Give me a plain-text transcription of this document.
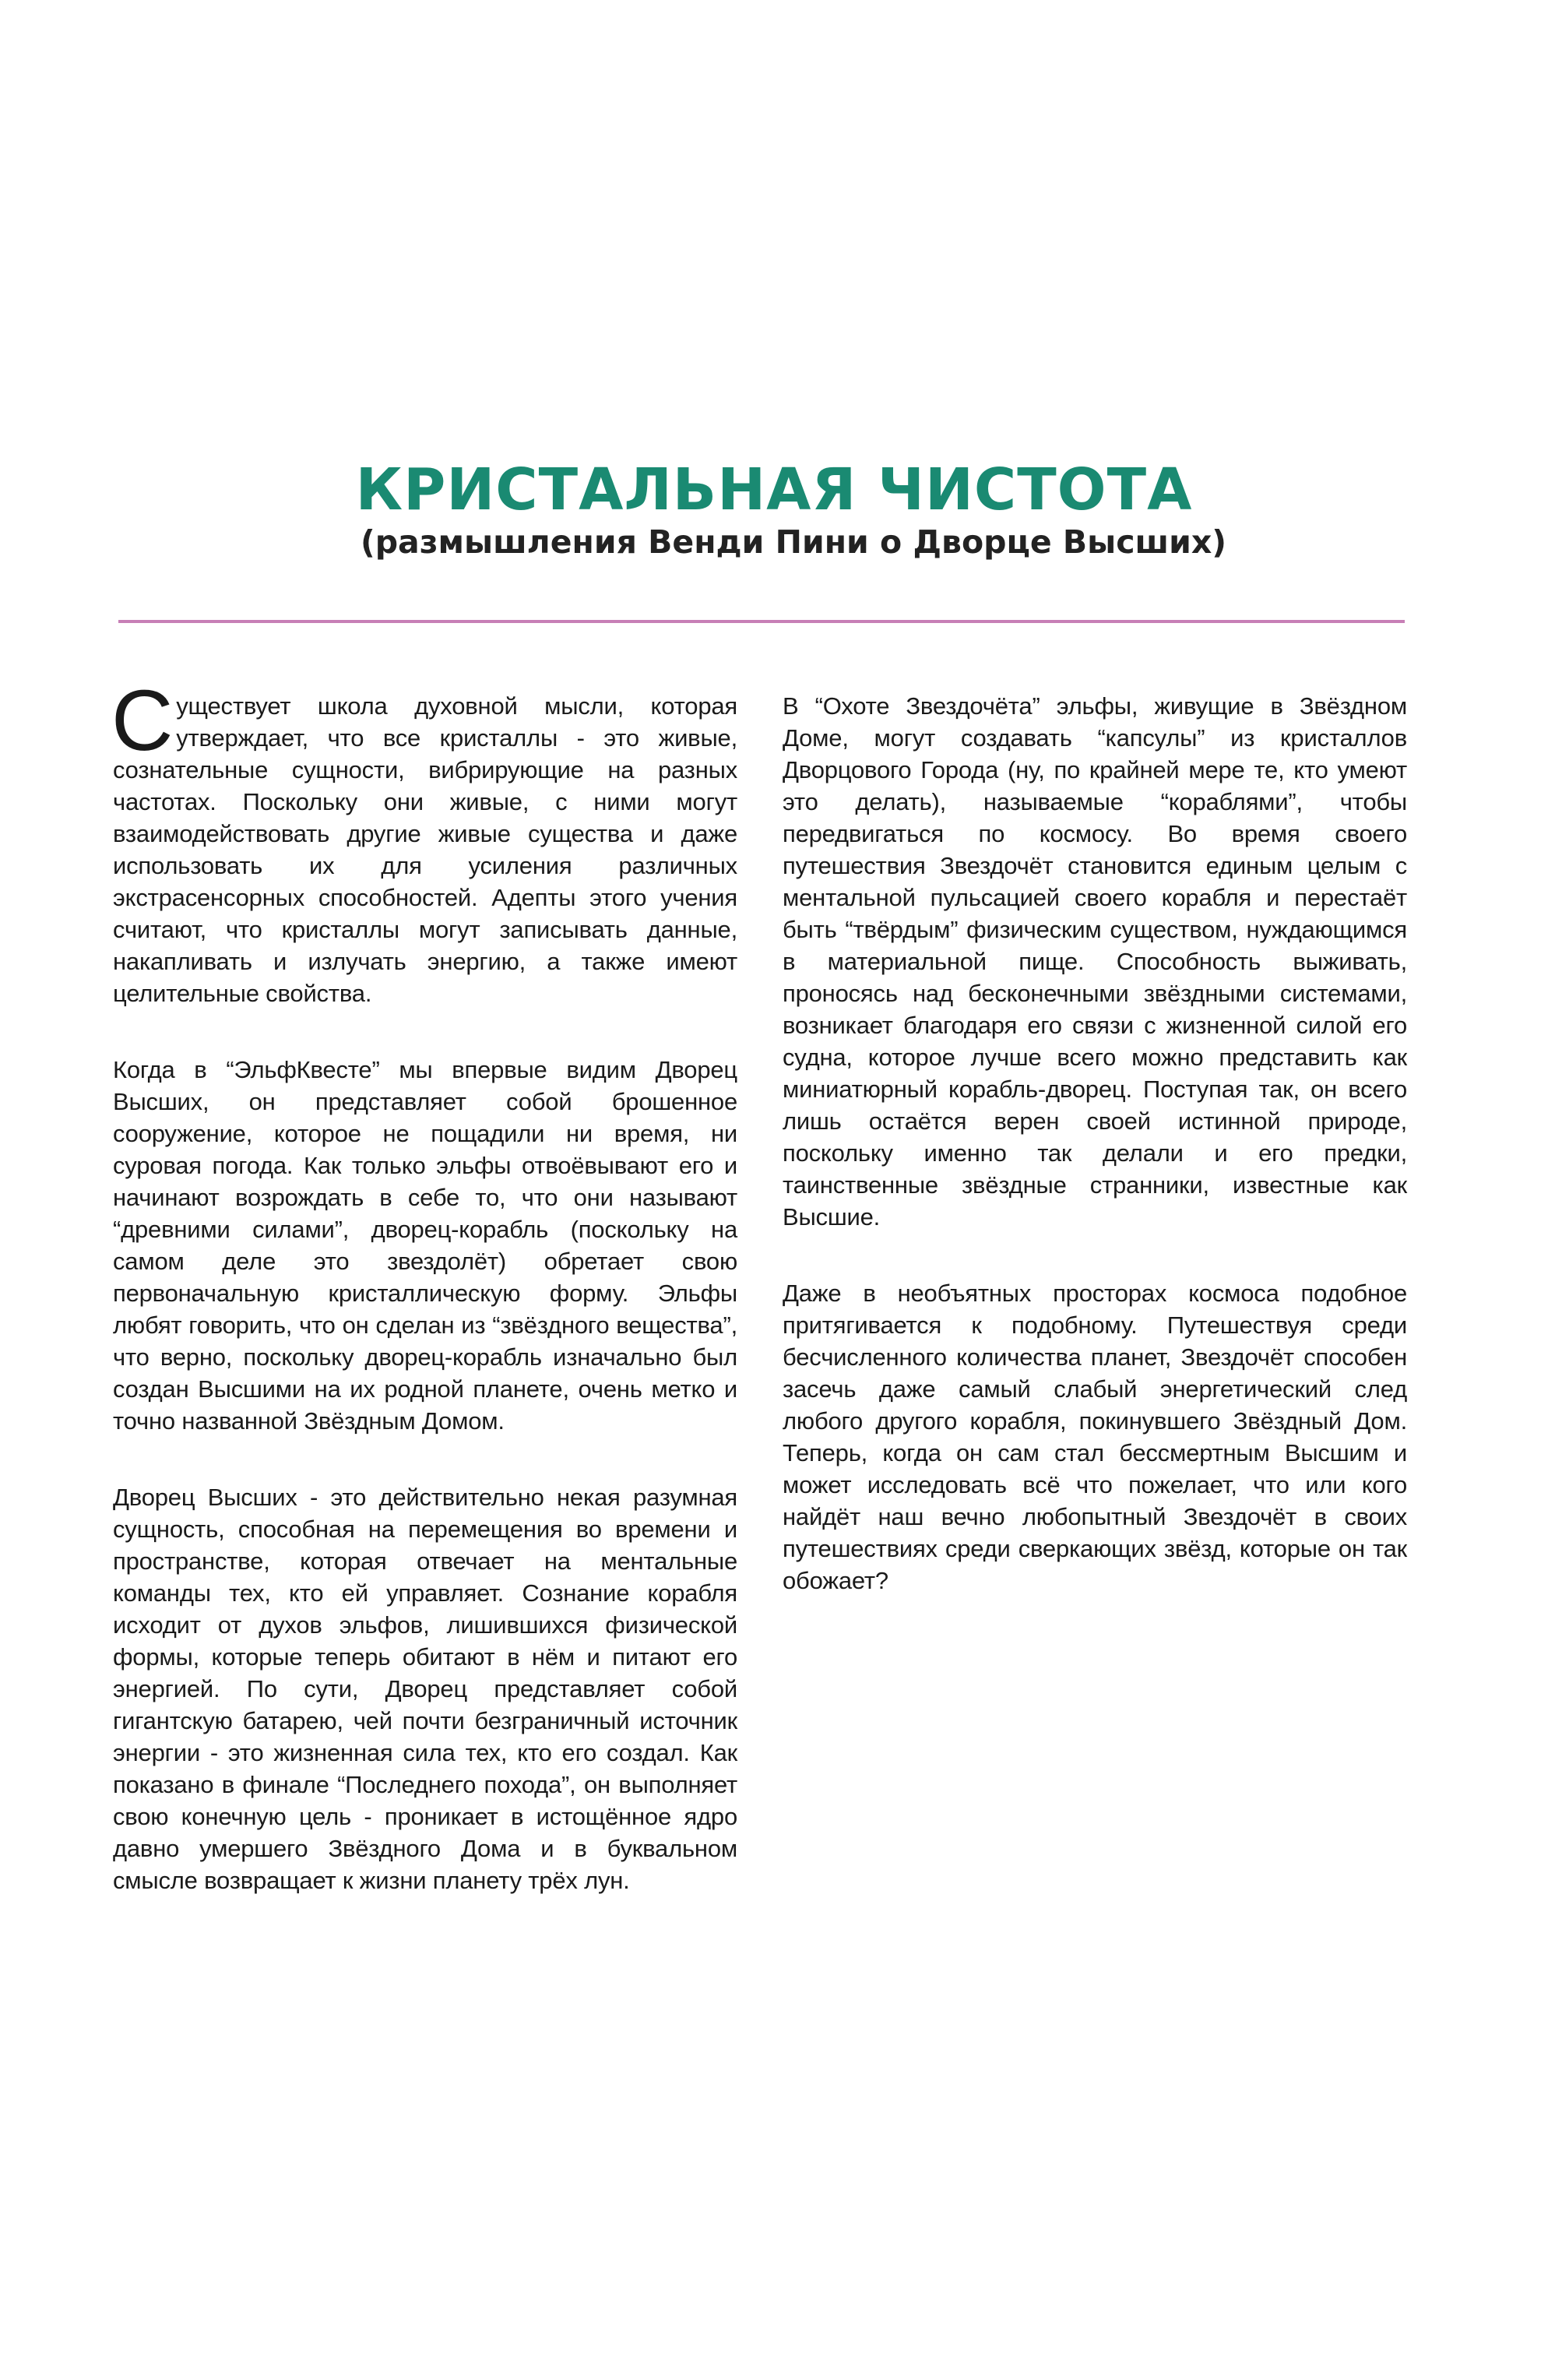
КРИСТАЛЬНАЯ ЧИСТОТА
(размышления Венди Пини о Дворце Высших)

Существует школа духовной мысли, которая утверждает, что все кристаллы - это живые, сознательные сущности, вибрирующие на разных частотах. Поскольку они живые, с ними могут взаимодействовать другие живые существа и даже использовать их для усиления различных экстрасенсорных способностей. Адепты этого учения считают, что кристаллы могут записывать данные, накапливать и излучать энергию, а также имеют целительные свойства.

Когда в “ЭльфКвесте” мы впервые видим Дворец Высших, он представляет собой брошенное сооружение, которое не пощадили ни время, ни суровая погода. Как только эльфы отвоёвывают его и начинают возрождать в себе то, что они называют “древними силами”, дворец-корабль (поскольку на самом деле это звездолёт) обретает свою первоначальную кристаллическую форму. Эльфы любят говорить, что он сделан из “звёздного вещества”, что верно, поскольку дворец-корабль изначально был создан Высшими на их родной планете, очень метко и точно названной Звёздным Домом.

Дворец Высших - это действительно некая разумная сущность, способная на перемещения во времени и пространстве, которая отвечает на ментальные команды тех, кто ей управляет. Сознание корабля исходит от духов эльфов, лишившихся физической формы, которые теперь обитают в нём и питают его энергией. По сути, Дворец представляет собой гигантскую батарею, чей почти безграничный источник энергии - это жизненная сила тех, кто его создал. Как показано в финале “Последнего похода”, он выполняет свою конечную цель - проникает в истощённое ядро давно умершего Звёздного Дома и в буквальном смысле возвращает к жизни планету трёх лун.

В “Охоте Звездочёта” эльфы, живущие в Звёздном Доме, могут создавать “капсулы” из кристаллов Дворцового Города (ну, по крайней мере те, кто умеют это делать), называемые “кораблями”, чтобы передвигаться по космосу. Во время своего путешествия Звездочёт становится единым целым с ментальной пульсацией своего корабля и перестаёт быть “твёрдым” физическим существом, нуждающимся в материальной пище. Способность выживать, проносясь над бесконечными звёздными системами, возникает благодаря его связи с жизненной силой его судна, которое лучше всего можно представить как миниатюрный корабль-дворец. Поступая так, он всего лишь остаётся верен своей истинной природе, поскольку именно так делали и его предки, таинственные звёздные странники, известные как Высшие.

Даже в необъятных просторах космоса подобное притягивается к подобному. Путешествуя среди бесчисленного количества планет, Звездочёт способен засечь даже самый слабый энергетический след любого другого корабля, покинувшего Звёздный Дом. Теперь, когда он сам стал бессмертным Высшим и может исследовать всё что пожелает, что или кого найдёт наш вечно любопытный Звездочёт в своих путешествиях среди сверкающих звёзд, которые он так обожает?
